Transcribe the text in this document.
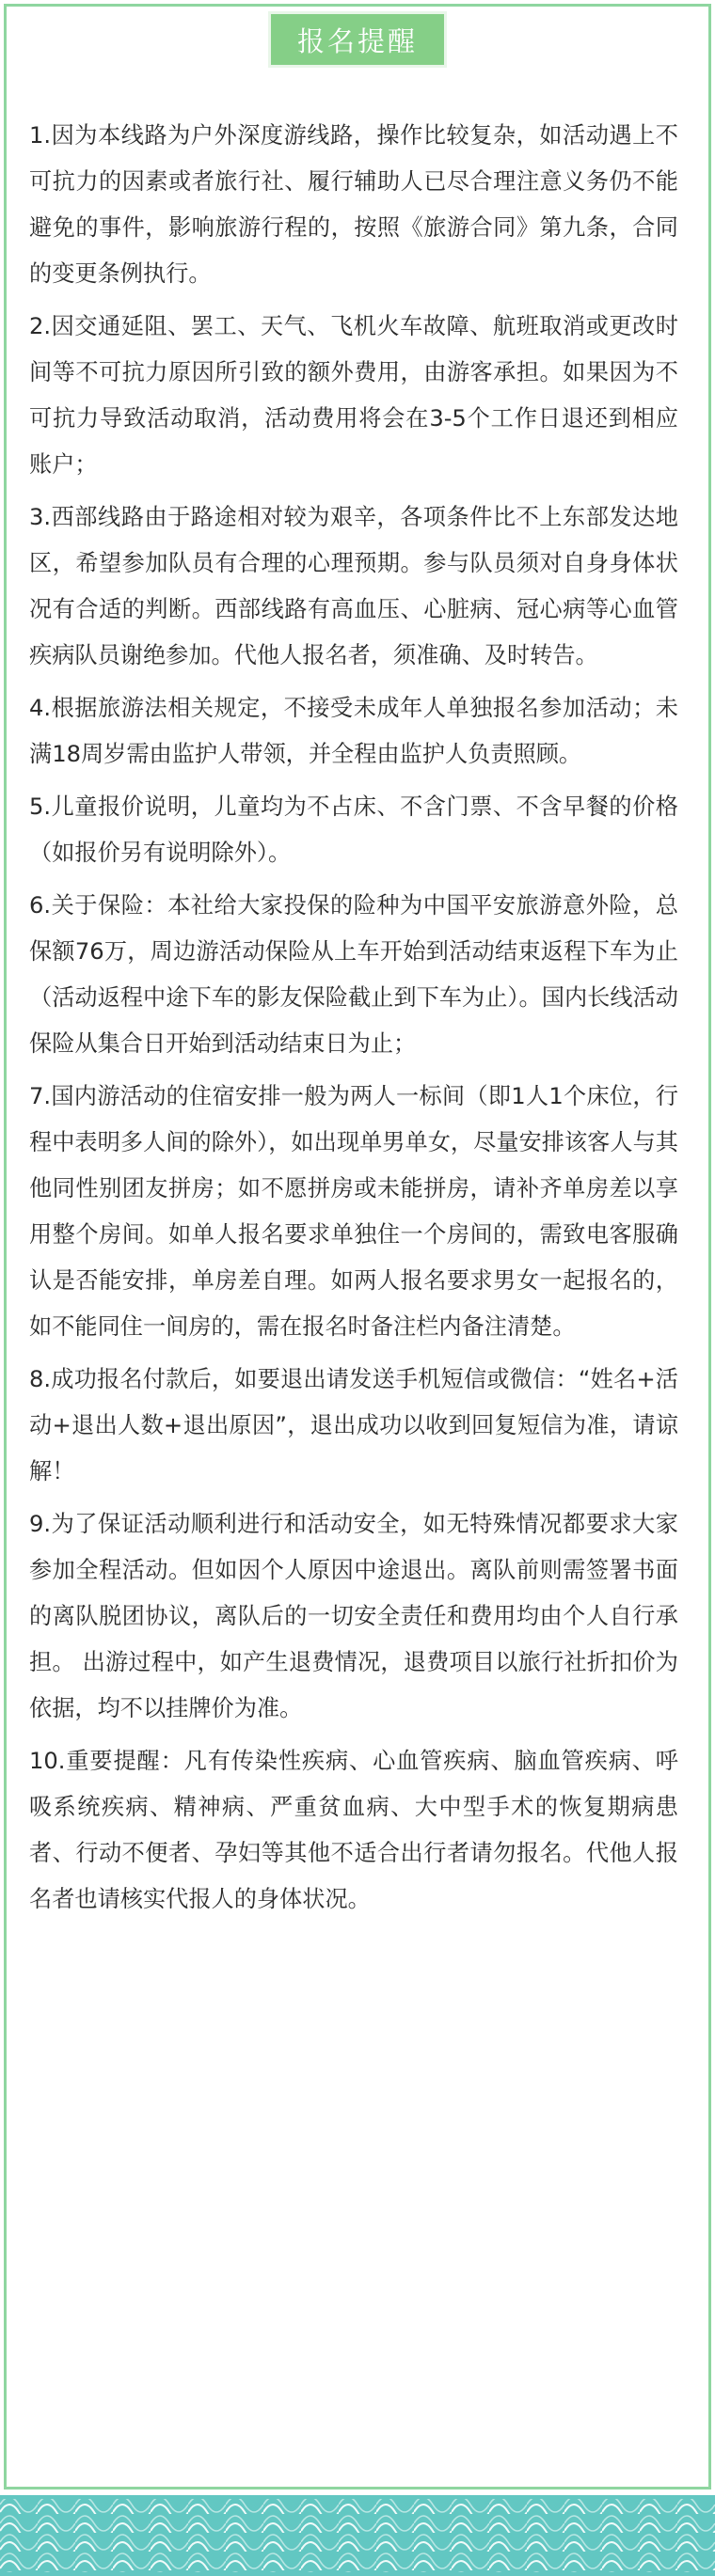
报名提醒

1.因为本线路为户外深度游线路，操作比较复杂，如活动遇上不可抗力的因素或者旅行社、履行辅助人已尽合理注意义务仍不能避免的事件，影响旅游行程的，按照《旅游合同》第九条，合同的变更条例执行。

2.因交通延阻、罢工、天气、飞机火车故障、航班取消或更改时间等不可抗力原因所引致的额外费用，由游客承担。如果因为不可抗力导致活动取消，活动费用将会在3-5个工作日退还到相应账户；

3.西部线路由于路途相对较为艰辛，各项条件比不上东部发达地区，希望参加队员有合理的心理预期。参与队员须对自身身体状况有合适的判断。西部线路有高血压、心脏病、冠心病等心血管疾病队员谢绝参加。代他人报名者，须准确、及时转告。

4.根据旅游法相关规定，不接受未成年人单独报名参加活动；未满18周岁需由监护人带领，并全程由监护人负责照顾。

5.儿童报价说明，儿童均为不占床、不含门票、不含早餐的价格（如报价另有说明除外）。

6.关于保险：本社给大家投保的险种为中国平安旅游意外险，总保额76万，周边游活动保险从上车开始到活动结束返程下车为止（活动返程中途下车的影友保险截止到下车为止）。国内长线活动保险从集合日开始到活动结束日为止；

7.国内游活动的住宿安排一般为两人一标间（即1人1个床位，行程中表明多人间的除外），如出现单男单女，尽量安排该客人与其他同性别团友拼房；如不愿拼房或未能拼房，请补齐单房差以享用整个房间。如单人报名要求单独住一个房间的，需致电客服确认是否能安排，单房差自理。如两人报名要求男女一起报名的，如不能同住一间房的，需在报名时备注栏内备注清楚。

8.成功报名付款后，如要退出请发送手机短信或微信：“姓名+活动+退出人数+退出原因”，退出成功以收到回复短信为准，请谅解！

9.为了保证活动顺利进行和活动安全，如无特殊情况都要求大家参加全程活动。但如因个人原因中途退出。离队前则需签署书面的离队脱团协议，离队后的一切安全责任和费用均由个人自行承担。 出游过程中，如产生退费情况，退费项目以旅行社折扣价为依据，均不以挂牌价为准。

10.重要提醒：凡有传染性疾病、心血管疾病、脑血管疾病、呼吸系统疾病、精神病、严重贫血病、大中型手术的恢复期病患者、行动不便者、孕妇等其他不适合出行者请勿报名。代他人报名者也请核实代报人的身体状况。
